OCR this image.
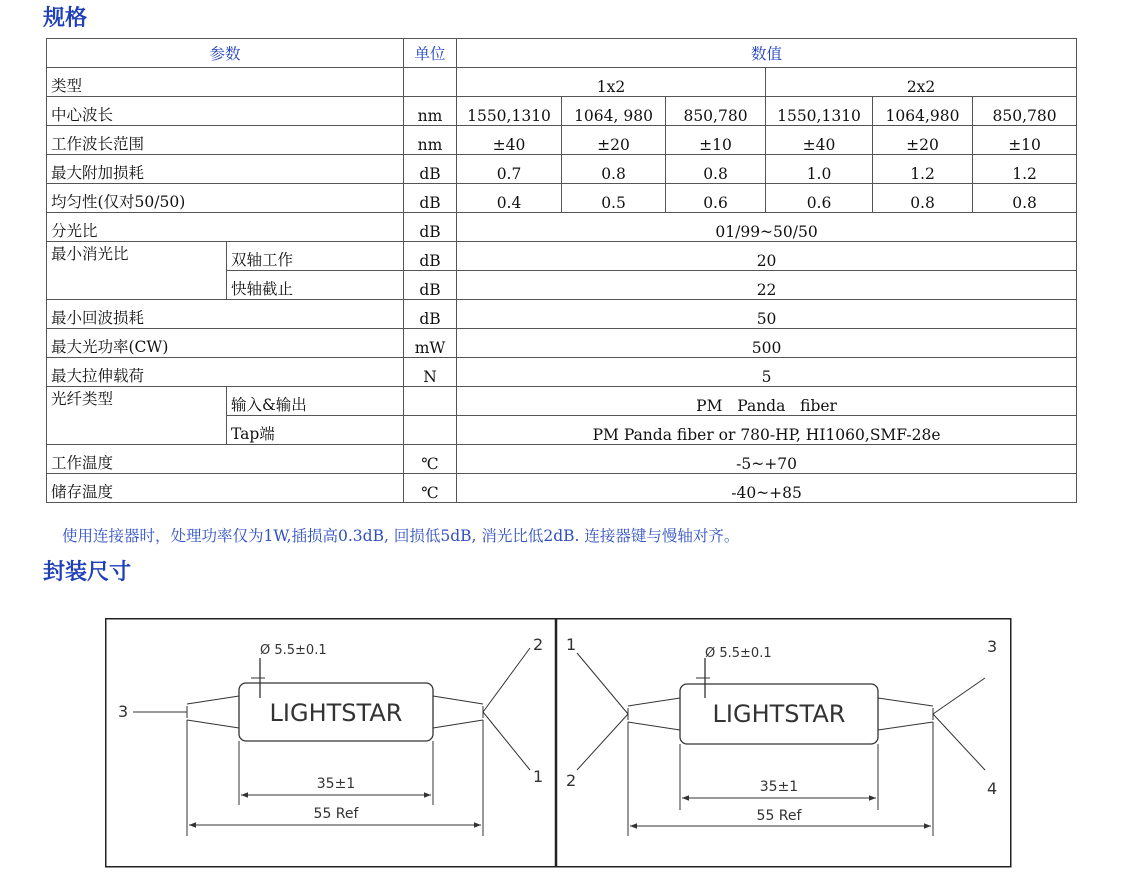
规格
参数		单位	数值					
类型			1x2			2x2		
中心波长		nm	1550,1310	1064, 980	850,780	1550,1310	1064,980	850,780
工作波长范围		nm	±40	±20	±10	±40	±20	±10
最大附加损耗		dB	0.7	0.8	0.8	1.0	1.2	1.2
均匀性(仅对50/50)		dB	0.4	0.5	0.6	0.6	0.8	0.8
分光比		dB	01/99~50/50					
最小消光比	双轴工作	dB	20					
	快轴截止	dB	22					
最小回波损耗		dB	50					
最大光功率(CW)		mW	500					
最大拉伸载荷		N	5					
光纤类型	输入&输出		PM   Panda   fiber					
	Tap端		PM Panda fiber or 780-HP, HI1060,SMF-28e					
工作温度		℃	-5~+70					
储存温度		℃	-40~+85					

使用连接器时，处理功率仅为1W,插损高0.3dB, 回损低5dB, 消光比低2dB. 连接器键与慢轴对齐。

封装尺寸
Ø 5.5±0.1
LIGHTSTAR
35±1
55 Ref
3
2
1
Ø 5.5±0.1
LIGHTSTAR
35±1
55 Ref
1
2
3
4
